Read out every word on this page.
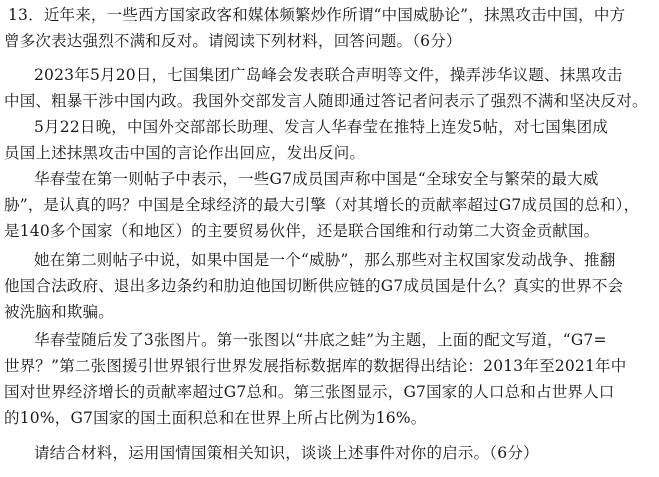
13．近年来，一些西方国家政客和媒体频繁炒作所谓“中国威胁论”，抹黑攻击中国，中方
曾多次表达强烈不满和反对。请阅读下列材料，回答问题。（6分）
2023年5月20日，七国集团广岛峰会发表联合声明等文件，操弄涉华议题、抹黑攻击
中国、粗暴干涉中国内政。我国外交部发言人随即通过答记者问表示了强烈不满和坚决反对。
5月22日晚，中国外交部部长助理、发言人华春莹在推特上连发5帖，对七国集团成
员国上述抹黑攻击中国的言论作出回应，发出反问。
华春莹在第一则帖子中表示，一些G7成员国声称中国是“全球安全与繁荣的最大威
胁”，是认真的吗？中国是全球经济的最大引擎（对其增长的贡献率超过G7成员国的总和），
是140多个国家（和地区）的主要贸易伙伴，还是联合国维和行动第二大资金贡献国。
她在第二则帖子中说，如果中国是一个“威胁”，那么那些对主权国家发动战争、推翻
他国合法政府、退出多边条约和肋迫他国切断供应链的G7成员国是什么？真实的世界不会
被洗脑和欺骗。
华春莹随后发了3张图片。第一张图以“井底之蛙”为主题，上面的配文写道，“G7=
世界？”第二张图援引世界银行世界发展指标数据库的数据得出结论：2013年至2021年中
国对世界经济增长的贡献率超过G7总和。第三张图显示，G7国家的人口总和占世界人口
的10%，G7国家的国土面积总和在世界上所占比例为16%。
请结合材料，运用国情国策相关知识，谈谈上述事件对你的启示。（6分）
